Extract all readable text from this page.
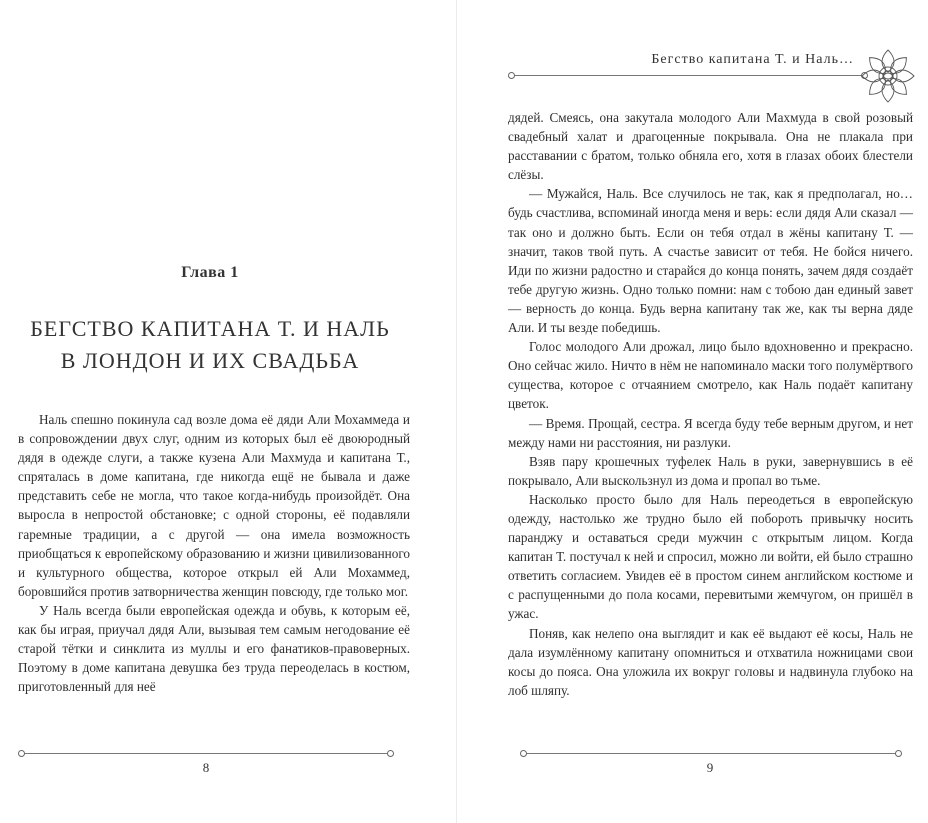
Глава 1
БЕГСТВО КАПИТАНА Т. И НАЛЬ
В ЛОНДОН И ИХ СВАДЬБА

Наль спешно покинула сад возле дома её дяди Али Мохаммеда и в сопровождении двух слуг, одним из которых был её двоюродный дядя в одежде слуги, а также кузена Али Махмуда и капитана Т., спряталась в доме капитана, где никогда ещё не бывала и даже представить себе не могла, что такое когда-нибудь произойдёт. Она выросла в непростой обстановке; с одной стороны, её подавляли гаремные традиции, а с другой — она имела возможность приобщаться к европейскому образованию и жизни цивилизованного и культурного общества, которое открыл ей Али Мохаммед, боровшийся против затворничества женщин повсюду, где только мог.

У Наль всегда были европейская одежда и обувь, к которым её, как бы играя, приучал дядя Али, вызывая тем самым негодование её старой тётки и синклита из муллы и его фанатиков-правоверных. Поэтому в доме капитана девушка без труда переоделась в костюм, приготовленный для неё

8
Бегство капитана Т. и Наль…

дядей. Смеясь, она закутала молодого Али Махмуда в свой розовый свадебный халат и драгоценные покрывала. Она не плакала при расставании с братом, только обняла его, хотя в глазах обоих блестели слёзы.

— Мужайся, Наль. Все случилось не так, как я предполагал, но… будь счастлива, вспоминай иногда меня и верь: если дядя Али сказал — так оно и должно быть. Если он тебя отдал в жёны капитану Т. — значит, таков твой путь. А счастье зависит от тебя. Не бойся ничего. Иди по жизни радостно и старайся до конца понять, зачем дядя создаёт тебе другую жизнь. Одно только помни: нам с тобою дан единый завет — верность до конца. Будь верна капитану так же, как ты верна дяде Али. И ты везде победишь.

Голос молодого Али дрожал, лицо было вдохновенно и прекрасно. Оно сейчас жило. Ничто в нём не напоминало маски того полумёртвого существа, которое с отчаянием смотрело, как Наль подаёт капитану цветок.

— Время. Прощай, сестра. Я всегда буду тебе верным другом, и нет между нами ни расстояния, ни разлуки.

Взяв пару крошечных туфелек Наль в руки, завернувшись в её покрывало, Али выскользнул из дома и пропал во тьме.

Насколько просто было для Наль переодеться в европейскую одежду, настолько же трудно было ей побороть привычку носить паранджу и оставаться среди мужчин с открытым лицом. Когда капитан Т. постучал к ней и спросил, можно ли войти, ей было страшно ответить согласием. Увидев её в простом синем английском костюме и с распущенными до пола косами, перевитыми жемчугом, он пришёл в ужас.

Поняв, как нелепо она выглядит и как её выдают её косы, Наль не дала изумлённому капитану опомниться и отхватила ножницами свои косы до пояса. Она уложила их вокруг головы и надвинула глубоко на лоб шляпу.

9
